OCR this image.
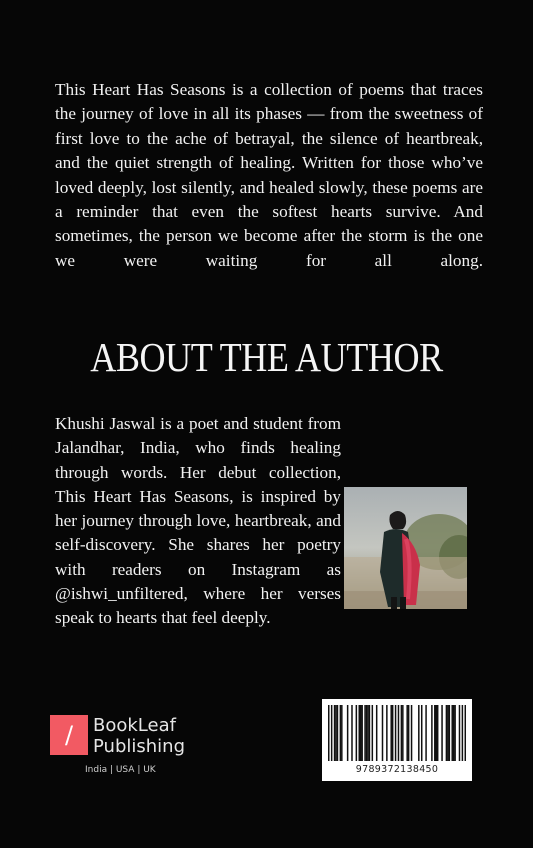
This Heart Has Seasons is a collection of poems that traces the journey of love in all its phases — from the sweetness of first love to the ache of betrayal, the silence of heartbreak, and the quiet strength of healing. Written for those who’ve loved deeply, lost silently, and healed slowly, these poems are a reminder that even the softest hearts survive. And sometimes, the person we become after the storm is the one we were waiting for all along.

ABOUT THE AUTHOR

Khushi Jaswal is a poet and student from Jalandhar, India, who finds healing through words. Her debut collection, This Heart Has Seasons, is inspired by her journey through love, heartbreak, and self-discovery. She shares her poetry with readers on Instagram as @ishwi_unfiltered, where her verses speak to hearts that feel deeply.

/	BookLeaf
Publishing
India | USA | UK	9789372138450
